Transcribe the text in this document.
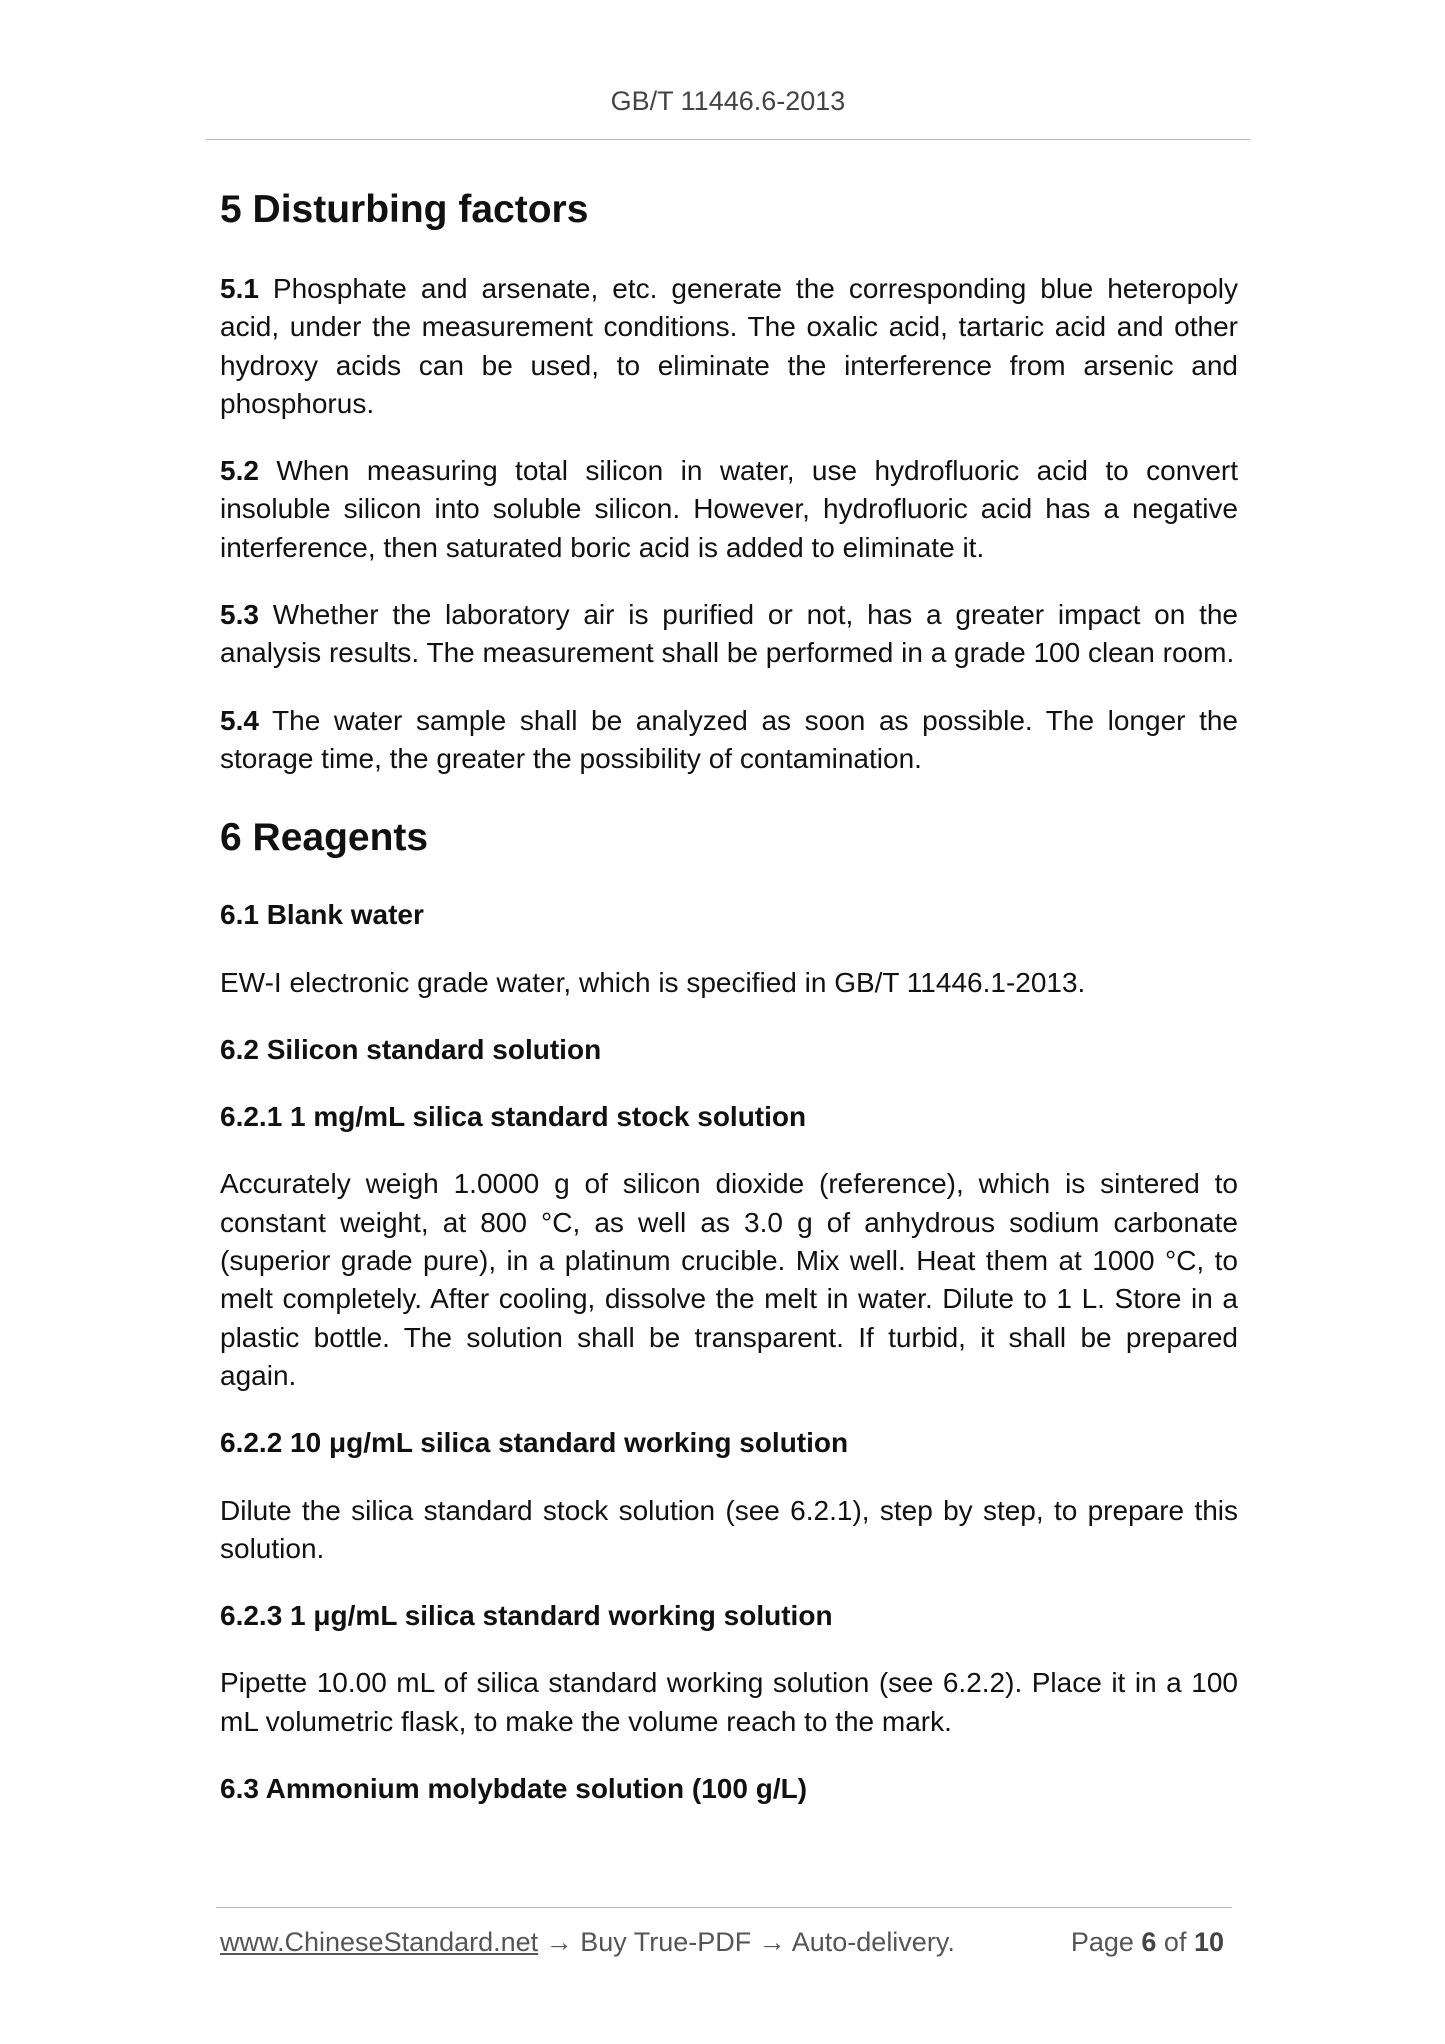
GB/T 11446.6-2013
5 Disturbing factors

5.1 Phosphate and arsenate, etc. generate the corresponding blue heteropoly acid, under the measurement conditions. The oxalic acid, tartaric acid and other hydroxy acids can be used, to eliminate the interference from arsenic and phosphorus.

5.2 When measuring total silicon in water, use hydrofluoric acid to convert insoluble silicon into soluble silicon. However, hydrofluoric acid has a negative interference, then saturated boric acid is added to eliminate it.

5.3 Whether the laboratory air is purified or not, has a greater impact on the analysis results. The measurement shall be performed in a grade 100 clean room.

5.4 The water sample shall be analyzed as soon as possible. The longer the storage time, the greater the possibility of contamination.

6 Reagents
6.1 Blank water

EW-I electronic grade water, which is specified in GB/T 11446.1-2013.

6.2 Silicon standard solution
6.2.1 1 mg/mL silica standard stock solution

Accurately weigh 1.0000 g of silicon dioxide (reference), which is sintered to constant weight, at 800 °C, as well as 3.0 g of anhydrous sodium carbonate (superior grade pure), in a platinum crucible. Mix well. Heat them at 1000 °C, to melt completely. After cooling, dissolve the melt in water. Dilute to 1 L. Store in a plastic bottle. The solution shall be transparent. If turbid, it shall be prepared again.

6.2.2 10 μg/mL silica standard working solution

Dilute the silica standard stock solution (see 6.2.1), step by step, to prepare this solution.

6.2.3 1 μg/mL silica standard working solution

Pipette 10.00 mL of silica standard working solution (see 6.2.2). Place it in a 100 mL volumetric flask, to make the volume reach to the mark.

6.3 Ammonium molybdate solution (100 g/L)
www.ChineseStandard.net → Buy True-PDF → Auto-delivery.	Page 6 of 10
